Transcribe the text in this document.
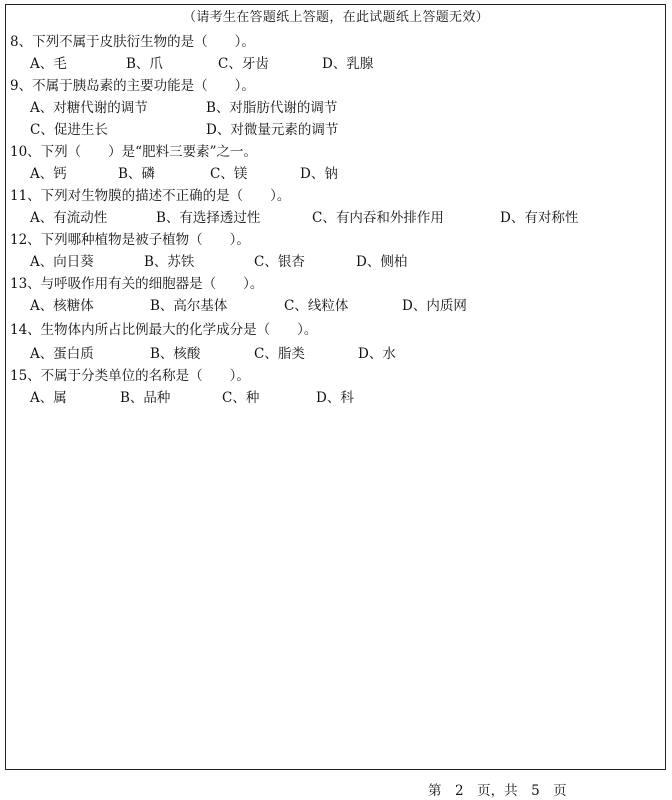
（请考生在答题纸上答题，在此试题纸上答题无效）
8、下列不属于皮肤衍生物的是（　　）。
A、毛	B、爪	C、牙齿	D、乳腺
9、不属于胰岛素的主要功能是（　　）。
A、对糖代谢的调节	B、对脂肪代谢的调节
C、促进生长	D、对微量元素的调节
10、下列（　　）是“肥料三要素”之一。
A、钙	B、磷	C、镁	D、钠
11、下列对生物膜的描述不正确的是（　　）。
A、有流动性	B、有选择透过性	C、有内吞和外排作用	D、有对称性
12、下列哪种植物是被子植物（　　）。
A、向日葵	B、苏铁	C、银杏	D、侧柏
13、与呼吸作用有关的细胞器是（　　）。
A、核糖体	B、高尔基体	C、线粒体	D、内质网
14、生物体内所占比例最大的化学成分是（　　）。
A、蛋白质	B、核酸	C、脂类	D、水
15、不属于分类单位的名称是（　　）。
A、属	B、品种	C、种	D、科
第　2　页，共　5　页
